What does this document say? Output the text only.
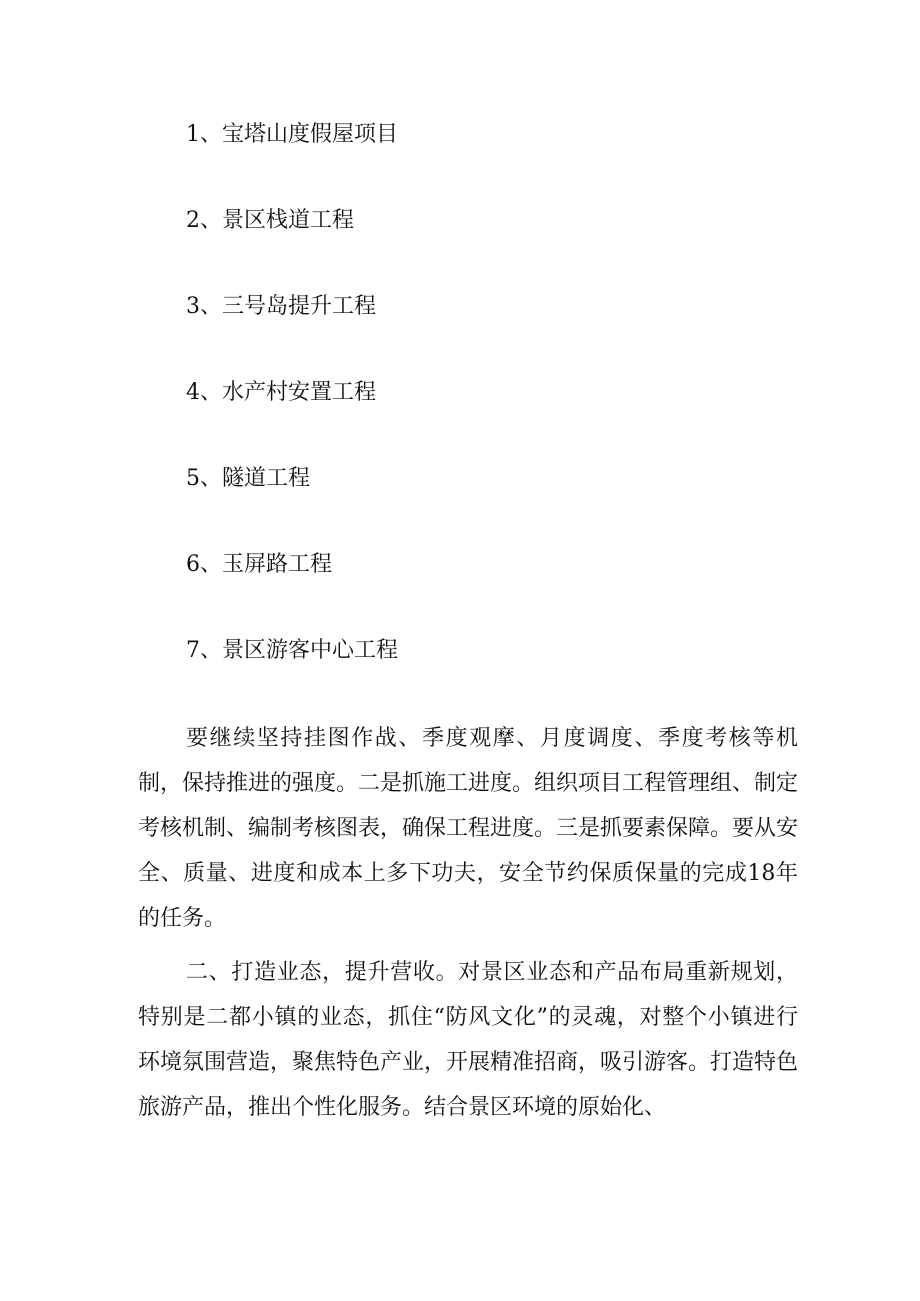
1、宝塔山度假屋项目
2、景区栈道工程
3、三号岛提升工程
4、水产村安置工程
5、隧道工程
6、玉屏路工程
7、景区游客中心工程

要继续坚持挂图作战、季度观摩、月度调度、季度考核等机制，保持推进的强度。二是抓施工进度。组织项目工程管理组、制定考核机制、编制考核图表，确保工程进度。三是抓要素保障。要从安全、质量、进度和成本上多下功夫，安全节约保质保量的完成18年的任务。

二、打造业态，提升营收。对景区业态和产品布局重新规划，特别是二都小镇的业态，抓住“防风文化”的灵魂，对整个小镇进行环境氛围营造，聚焦特色产业，开展精准招商，吸引游客。打造特色旅游产品，推出个性化服务。结合景区环境的原始化、
